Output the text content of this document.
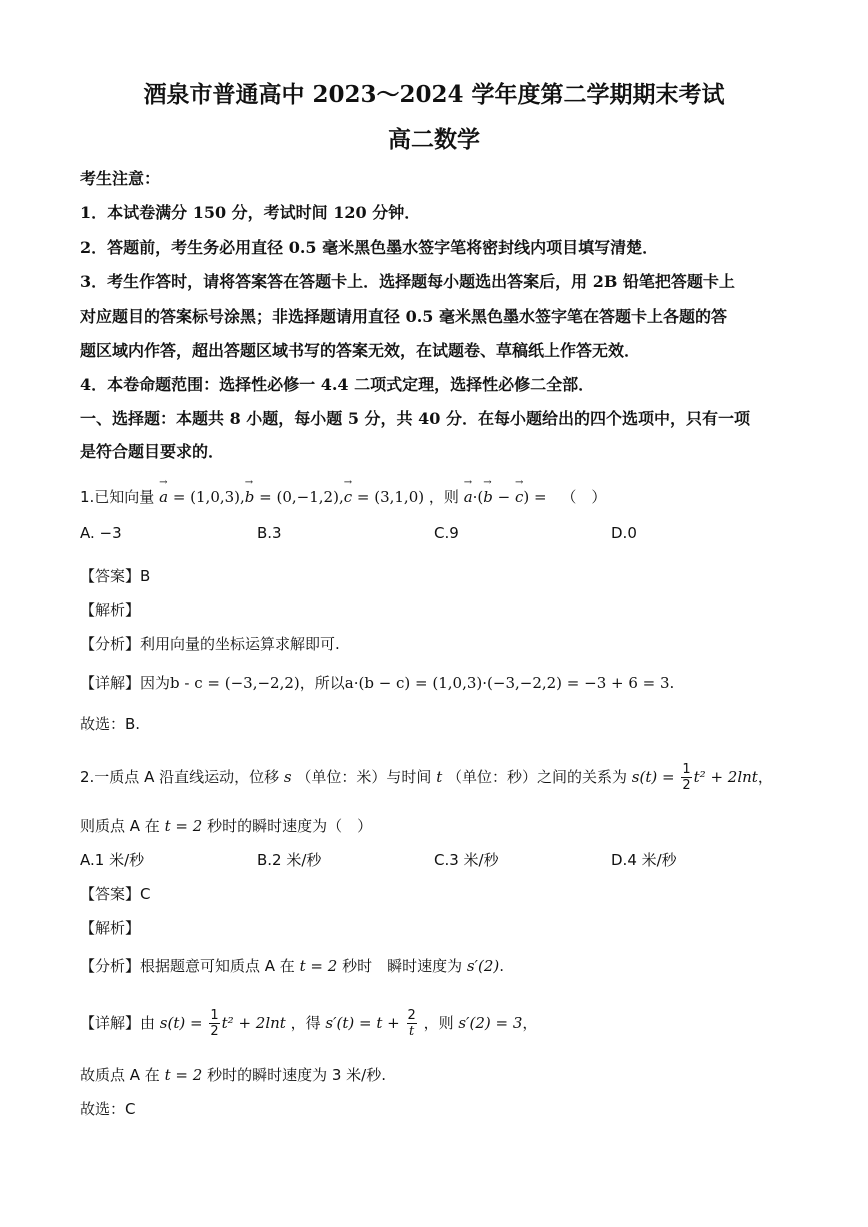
酒泉市普通高中 2023～2024 学年度第二学期期末考试
高二数学
考生注意：
1．本试卷满分 150 分，考试时间 120 分钟．
2．答题前，考生务必用直径 0.5 毫米黑色墨水签字笔将密封线内项目填写清楚．
3．考生作答时，请将答案答在答题卡上．选择题每小题选出答案后，用 2B 铅笔把答题卡上
对应题目的答案标号涂黑；非选择题请用直径 0.5 毫米黑色墨水签字笔在答题卡上各题的答
题区域内作答，超出答题区域书写的答案无效，在试题卷、草稿纸上作答无效．
4．本卷命题范围：选择性必修一 4.4 二项式定理，选择性必修二全部．
一、选择题：本题共 8 小题，每小题 5 分，共 40 分．在每小题给出的四个选项中，只有一项
是符合题目要求的．
1.已知向量 → a = (1,0,3),→ b = (0,−1,2),→ c = (3,1,0) ，则 → a·(→ b − → c) = （　）
A. −3	B.3	C.9	D.0
【答案】B
【解析】
【分析】利用向量的坐标运算求解即可.
【详解】因为b - c = (−3,−2,2)，所以a·(b − c) = (1,0,3)·(−3,−2,2) = −3 + 6 = 3.
故选：B.
2.一质点 A 沿直线运动，位移 s （单位：米）与时间 t （单位：秒）之间的关系为 $s(t) = \frac{1}{2} t^2 + 2\ln t$，
则质点 A 在 t = 2 秒时的瞬时速度为（　）
A.1 米/秒	B.2 米/秒	C.3 米/秒	D.4 米/秒
【答案】C
【解析】
【分析】根据题意可知质点 A 在 t = 2 秒时　瞬时速度为 s′(2).
【详解】由 $s(t) = \frac{1}{2} t^2 + 2\ln t$ ，得 $s'(t) = t + \frac{2}{t}$ ，则 s′(2) = 3，
故质点 A 在 t = 2 秒时的瞬时速度为 3 米/秒.
故选：C
